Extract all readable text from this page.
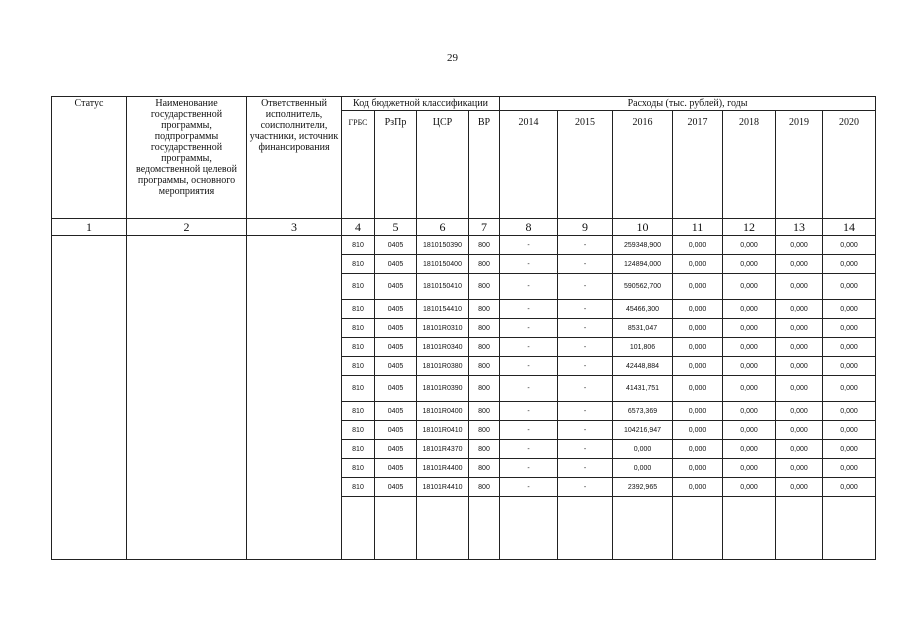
29
Статус	Наименование государственной программы, подпрограммы государственной программы, ведомственной целевой программы, основного мероприятия	Ответственный исполнитель, соисполнители, участники, источник финансирования	Код бюджетной классификации				Расходы (тыс. рублей), годы						
			ГРБС	РзПр	ЦСР	ВР	2014	2015	2016	2017	2018	2019	2020
1	2	3	4	5	6	7	8	9	10	11	12	13	14
			810	0405	1810150390	800	-	-	259348,900	0,000	0,000	0,000	0,000
			810	0405	1810150400	800	-	-	124894,000	0,000	0,000	0,000	0,000
			810	0405	1810150410	800	-	-	590562,700	0,000	0,000	0,000	0,000
			810	0405	1810154410	800	-	-	45466,300	0,000	0,000	0,000	0,000
			810	0405	18101R0310	800	-	-	8531,047	0,000	0,000	0,000	0,000
			810	0405	18101R0340	800	-	-	101,806	0,000	0,000	0,000	0,000
			810	0405	18101R0380	800	-	-	42448,884	0,000	0,000	0,000	0,000
			810	0405	18101R0390	800	-	-	41431,751	0,000	0,000	0,000	0,000
			810	0405	18101R0400	800	-	-	6573,369	0,000	0,000	0,000	0,000
			810	0405	18101R0410	800	-	-	104216,947	0,000	0,000	0,000	0,000
			810	0405	18101R4370	800	-	-	0,000	0,000	0,000	0,000	0,000
			810	0405	18101R4400	800	-	-	0,000	0,000	0,000	0,000	0,000
			810	0405	18101R4410	800	-	-	2392,965	0,000	0,000	0,000	0,000
